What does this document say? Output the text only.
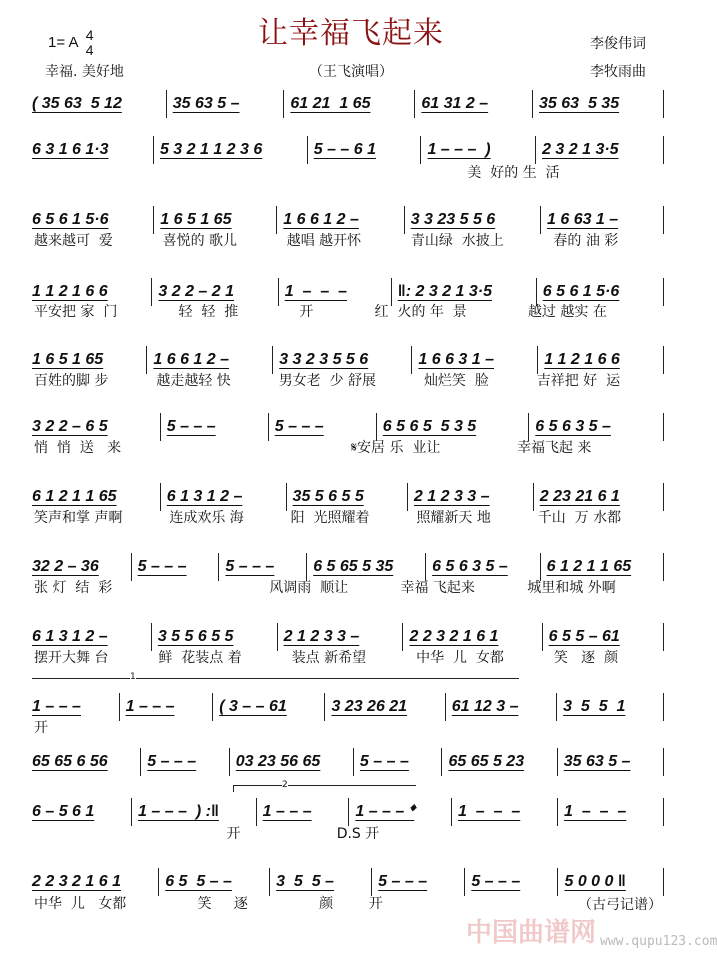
让幸福飞起来
1= A 4
4
幸福. 美好地	（王飞演唱）
李俊伟词
李牧雨曲
( 35 63  5 12	35 63 5 –	61 21  1 65	61 31 2 –	35 63  5 35
6 3 1 6 1·3	5 3 2 1 1 2 3 6	5 – – 6 1	1 – – –  )	2 3 2 1 3·5
美  好的 生  活
6 5 6 1 5·6	1 6 5 1 65	1 6 6 1 2 –	3 3 23 5 5 6	1 6 63 1 –
越来越可  爱	喜悦的 歌儿	越唱 越开怀	青山绿  水披上	春的 油 彩
1 1 2 1 6 6	3 2 2 – 2 1	1  –  –  –	‖: 2 3 2 1 3·5	6 5 6 1 5·6
平安把 家  门	轻  轻  推	开	红  火的 年  景	越过 越实 在
1 6 5 1 65	1 6 6 1 2 –	3 3 2 3 5 5 6	1 6 6 3 1 –	1 1 2 1 6 6
百姓的脚 步	越走越轻 快	男女老  少 舒展	灿烂笑  脸	吉祥把 好  运
3 2 2 – 6 5	5 – – –	5 – – –	6 5 6 5  5 3 5	6 5 6 3 5 –
悄  悄  送   来	𝄋安居 乐  业让	幸福飞起 来
6 1 2 1 1 65	6 1 3 1 2 –	35 5 6 5 5	2 1 2 3 3 –	2 23 21 6 1
笑声和掌 声啊	连成欢乐 海	阳  光照耀着	照耀新天 地	千山  万 水都
32 2 – 36	5 – – –	5 – – –	6 5 65 5 35	6 5 6 3 5 –	6 1 2 1 1 65
张 灯  结  彩	风调雨  顺让	幸福 飞起来	城里和城 外啊
6 1 3 1 2 –	3 5 5 6 5 5	2 1 2 3 3 –	2 2 3 2 1 6 1	6 5 5 – 61
摆开大舞 台	鲜  花装点 着	装点 新希望	中华  儿  女都	笑   逐  颜
1 – – –	1 – – –	( 3 – – 61	3 23 26 21	61 12 3 –	3  5  5  1
开
65 65 6 56	5 – – –	03 23 56 65	5 – – –	65 65 5 23	35 63 5 –
6 – 5 6 1	1 – – –  ) :‖	1 – – –	1 – – – 𝄌	1  –  –  –	1  –  –  –
开	D.S 开
2 2 3 2 1 6 1	6 5  5 – –	3  5  5 –	5 – – –	5 – – –	5 0 0 0 ‖
中华  儿   女都	笑     逐	颜        开
1
2
（古弓记谱）
中国曲谱网 www.qupu123.com
